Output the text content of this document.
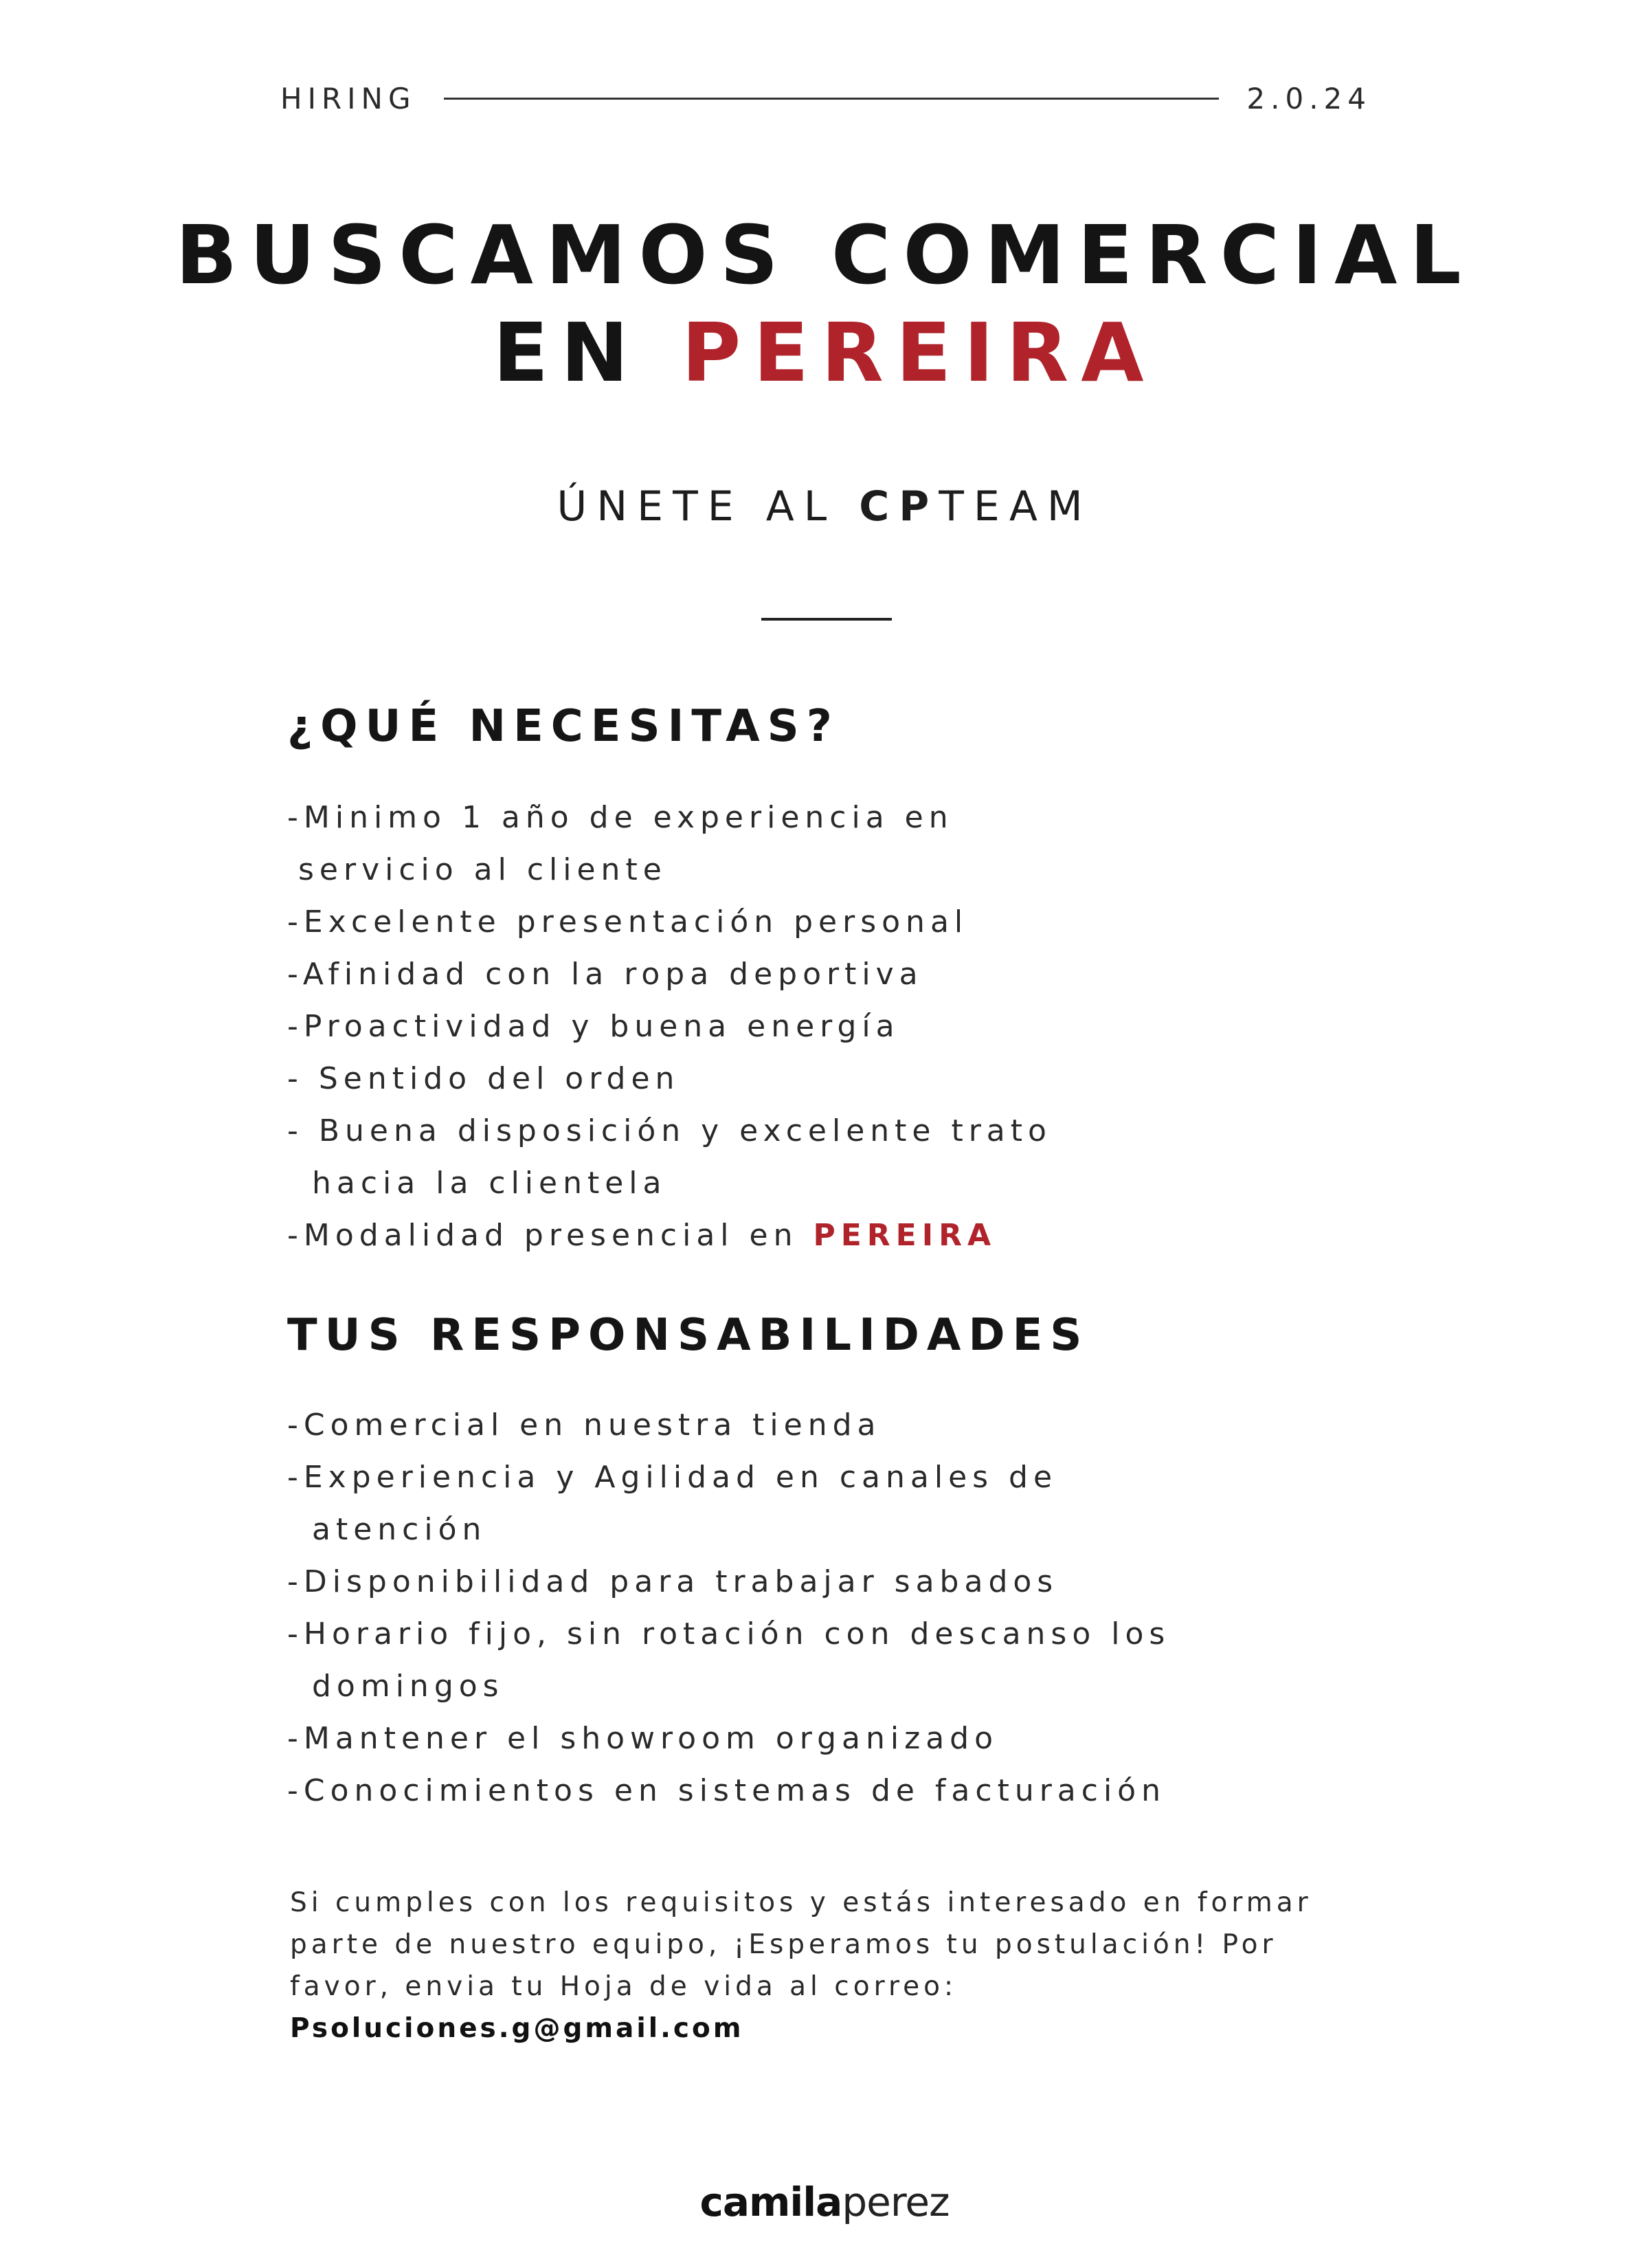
HIRING	2.0.24
BUSCAMOS COMERCIAL
EN PEREIRA
ÚNETE AL CPTEAM
¿QUÉ NECESITAS?
-Minimo 1 año de experiencia en
servicio al cliente
-Excelente presentación personal
-Afinidad con la ropa deportiva
-Proactividad y buena energía
- Sentido del orden
- Buena disposición y excelente trato
hacia la clientela
-Modalidad presencial en PEREIRA
TUS RESPONSABILIDADES
-Comercial en nuestra tienda
-Experiencia y Agilidad en canales de
atención
-Disponibilidad para trabajar sabados
-Horario fijo, sin rotación con descanso los
domingos
-Mantener el showroom organizado
-Conocimientos en sistemas de facturación
Si cumples con los requisitos y estás interesado en formar
parte de nuestro equipo, ¡Esperamos tu postulación! Por
favor, envia tu Hoja de vida al correo: Psoluciones.g@gmail.com
camilaperez
